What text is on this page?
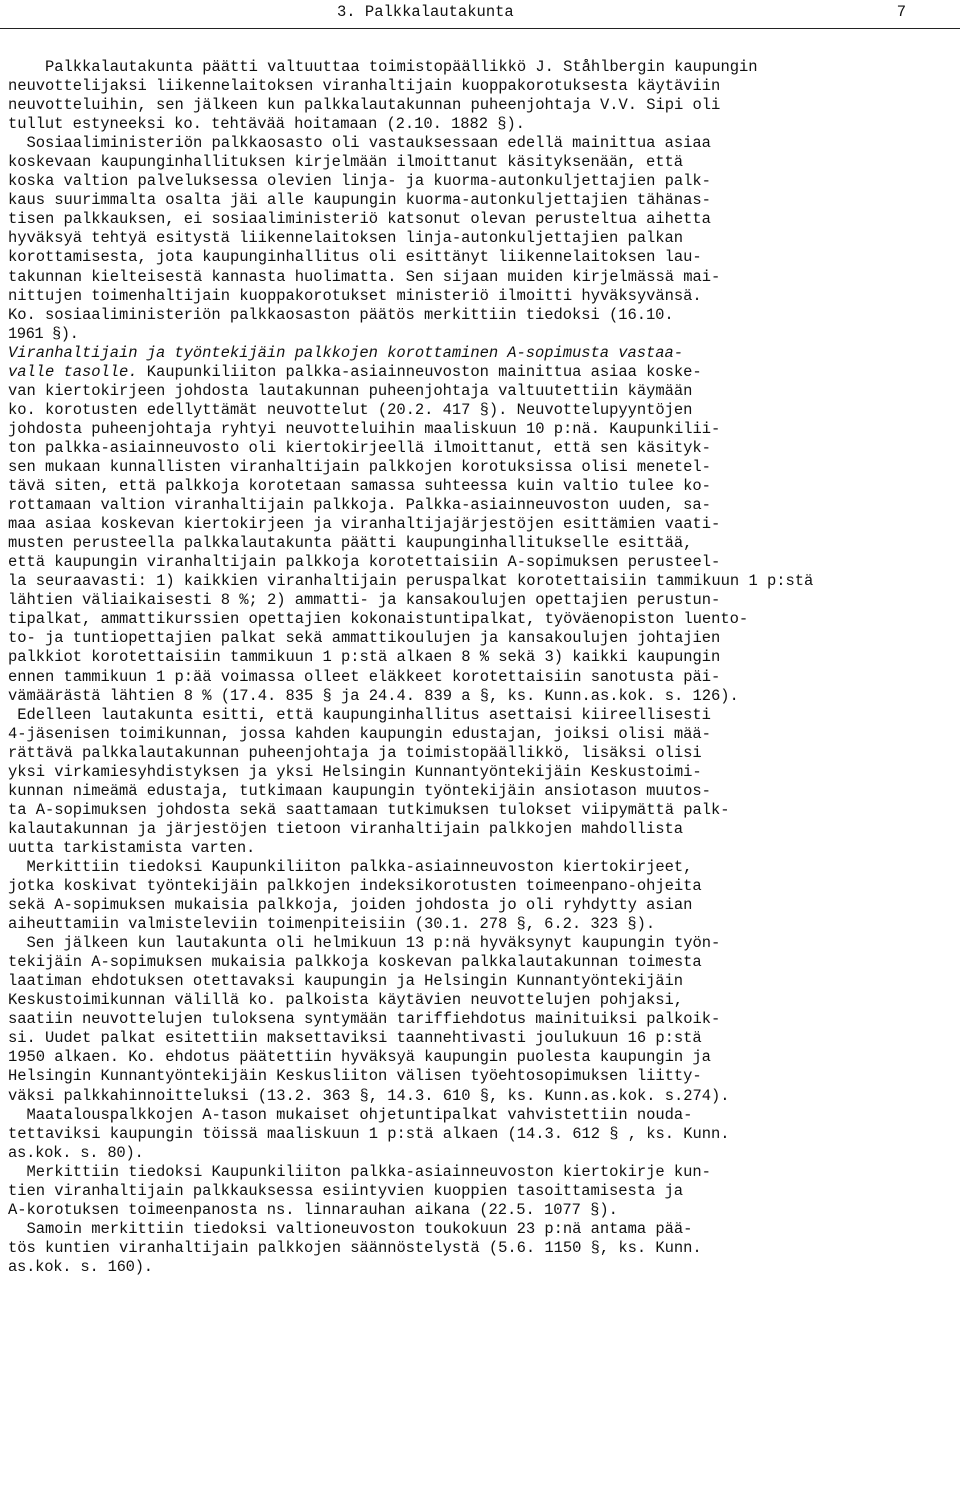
3. Palkkalautakunta	7
Palkkalautakunta päätti valtuuttaa toimistopäällikkö J. Ståhlbergin kaupungin
neuvottelijaksi liikennelaitoksen viranhaltijain kuoppakorotuksesta käytäviin
neuvotteluihin, sen jälkeen kun palkkalautakunnan puheenjohtaja V.V. Sipi oli
tullut estyneeksi ko. tehtävää hoitamaan (2.10. 1882 §).
Sosiaaliministeriön palkkaosasto oli vastauksessaan edellä mainittua asiaa
koskevaan kaupunginhallituksen kirjelmään ilmoittanut käsityksenään, että
koska valtion palveluksessa olevien linja- ja kuorma-autonkuljettajien palk-
kaus suurimmalta osalta jäi alle kaupungin kuorma-autonkuljettajien tähänas-
tisen palkkauksen, ei sosiaaliministeriö katsonut olevan perusteltua aihetta
hyväksyä tehtyä esitystä liikennelaitoksen linja-autonkuljettajien palkan
korottamisesta, jota kaupunginhallitus oli esittänyt liikennelaitoksen lau-
takunnan kielteisestä kannasta huolimatta. Sen sijaan muiden kirjelmässä mai-
nittujen toimenhaltijain kuoppakorotukset ministeriö ilmoitti hyväksyvänsä.
Ko. sosiaaliministeriön palkkaosaston päätös merkittiin tiedoksi (16.10.
1961 §).
Viranhaltijain ja työntekijäin palkkojen korottaminen A-sopimusta vastaa-
valle tasolle. Kaupunkiliiton palkka-asiainneuvoston mainittua asiaa koske-
van kiertokirjeen johdosta lautakunnan puheenjohtaja valtuutettiin käymään
ko. korotusten edellyttämät neuvottelut (20.2. 417 §). Neuvottelupyyntöjen
johdosta puheenjohtaja ryhtyi neuvotteluihin maaliskuun 10 p:nä. Kaupunkilii-
ton palkka-asiainneuvosto oli kiertokirjeellä ilmoittanut, että sen käsityk-
sen mukaan kunnallisten viranhaltijain palkkojen korotuksissa olisi menetel-
tävä siten, että palkkoja korotetaan samassa suhteessa kuin valtio tulee ko-
rottamaan valtion viranhaltijain palkkoja. Palkka-asiainneuvoston uuden, sa-
maa asiaa koskevan kiertokirjeen ja viranhaltijajärjestöjen esittämien vaati-
musten perusteella palkkalautakunta päätti kaupunginhallitukselle esittää,
että kaupungin viranhaltijain palkkoja korotettaisiin A-sopimuksen perusteel-
la seuraavasti: 1) kaikkien viranhaltijain peruspalkat korotettaisiin tammikuun 1 p:stä
lähtien väliaikaisesti 8 %; 2) ammatti- ja kansakoulujen opettajien perustun-
tipalkat, ammattikurssien opettajien kokonaistuntipalkat, työväenopiston luento-
to- ja tuntiopettajien palkat sekä ammattikoulujen ja kansakoulujen johtajien
palkkiot korotettaisiin tammikuun 1 p:stä alkaen 8 % sekä 3) kaikki kaupungin
ennen tammikuun 1 p:ää voimassa olleet eläkkeet korotettaisiin sanotusta päi-
vämäärästä lähtien 8 % (17.4. 835 § ja 24.4. 839 a §, ks. Kunn.as.kok. s. 126).
Edelleen lautakunta esitti, että kaupunginhallitus asettaisi kiireellisesti
4-jäsenisen toimikunnan, jossa kahden kaupungin edustajan, joiksi olisi mää-
rättävä palkkalautakunnan puheenjohtaja ja toimistopäällikkö, lisäksi olisi
yksi virkamiesyhdistyksen ja yksi Helsingin Kunnantyöntekijäin Keskustoimi-
kunnan nimeämä edustaja, tutkimaan kaupungin työntekijäin ansiotason muutos-
ta A-sopimuksen johdosta sekä saattamaan tutkimuksen tulokset viipymättä palk-
kalautakunnan ja järjestöjen tietoon viranhaltijain palkkojen mahdollista
uutta tarkistamista varten.
Merkittiin tiedoksi Kaupunkiliiton palkka-asiainneuvoston kiertokirjeet,
jotka koskivat työntekijäin palkkojen indeksikorotusten toimeenpano-ohjeita
sekä A-sopimuksen mukaisia palkkoja, joiden johdosta jo oli ryhdytty asian
aiheuttamiin valmisteleviin toimenpiteisiin (30.1. 278 §, 6.2. 323 §).
Sen jälkeen kun lautakunta oli helmikuun 13 p:nä hyväksynyt kaupungin työn-
tekijäin A-sopimuksen mukaisia palkkoja koskevan palkkalautakunnan toimesta
laatiman ehdotuksen otettavaksi kaupungin ja Helsingin Kunnantyöntekijäin
Keskustoimikunnan välillä ko. palkoista käytävien neuvottelujen pohjaksi,
saatiin neuvottelujen tuloksena syntymään tariffiehdotus mainituiksi palkoik-
si. Uudet palkat esitettiin maksettaviksi taannehtivasti joulukuun 16 p:stä
1950 alkaen. Ko. ehdotus päätettiin hyväksyä kaupungin puolesta kaupungin ja
Helsingin Kunnantyöntekijäin Keskusliiton välisen työehtosopimuksen liitty-
väksi palkkahinnoitteluksi (13.2. 363 §, 14.3. 610 §, ks. Kunn.as.kok. s.274).
Maatalouspalkkojen A-tason mukaiset ohjetuntipalkat vahvistettiin nouda-
tettaviksi kaupungin töissä maaliskuun 1 p:stä alkaen (14.3. 612 § , ks. Kunn.
as.kok. s. 80).
Merkittiin tiedoksi Kaupunkiliiton palkka-asiainneuvoston kiertokirje kun-
tien viranhaltijain palkkauksessa esiintyvien kuoppien tasoittamisesta ja
A-korotuksen toimeenpanosta ns. linnarauhan aikana (22.5. 1077 §).
Samoin merkittiin tiedoksi valtioneuvoston toukokuun 23 p:nä antama pää-
tös kuntien viranhaltijain palkkojen säännöstelystä (5.6. 1150 §, ks. Kunn.
as.kok. s. 160).
